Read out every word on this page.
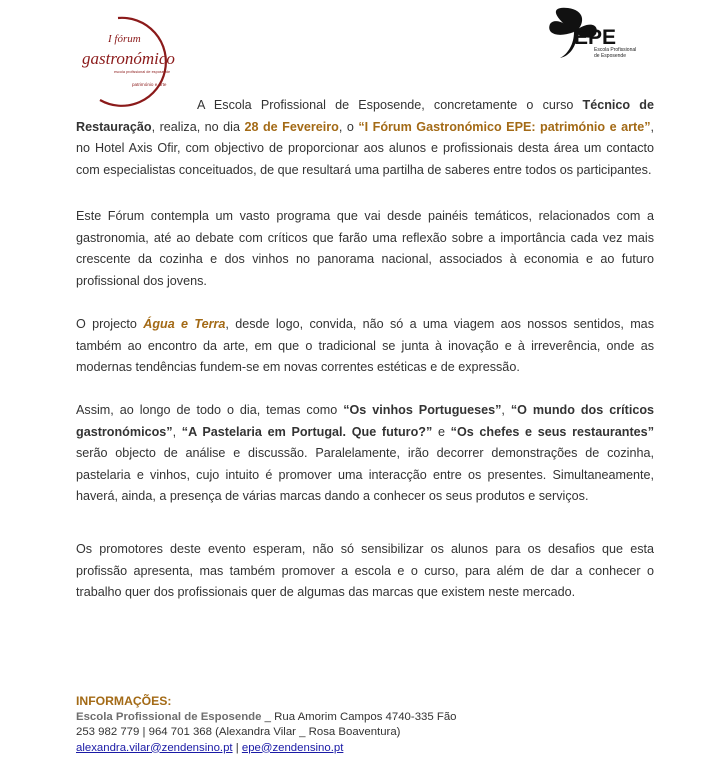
I fórum
gastronómico
escola profissional de esposende
património e arte
EPE
Escola Profissional
de Esposende

A Escola Profissional de Esposende, concretamente o curso Técnico de Restauração, realiza, no dia 28 de Fevereiro, o “I Fórum Gastronómico EPE: património e arte”, no Hotel Axis Ofir, com objectivo de proporcionar aos alunos e profissionais desta área um contacto com especialistas conceituados, de que resultará uma partilha de saberes entre todos os participantes.

Este Fórum contempla um vasto programa que vai desde painéis temáticos, relacionados com a gastronomia, até ao debate com críticos que farão uma reflexão sobre a importância cada vez mais crescente da cozinha e dos vinhos no panorama nacional, associados à economia e ao futuro profissional dos jovens.

O projecto Água e Terra, desde logo, convida, não só a uma viagem aos nossos sentidos, mas também ao encontro da arte, em que o tradicional se junta à inovação e à irreverência, onde as modernas tendências fundem-se em novas correntes estéticas e de expressão.

Assim, ao longo de todo o dia, temas como “Os vinhos Portugueses”, “O mundo dos críticos gastronómicos”, “A Pastelaria em Portugal. Que futuro?” e “Os chefes e seus restaurantes” serão objecto de análise e discussão. Paralelamente, irão decorrer demonstrações de cozinha, pastelaria e vinhos, cujo intuito é promover uma interacção entre os presentes. Simultaneamente, haverá, ainda, a presença de várias marcas dando a conhecer os seus produtos e serviços.

Os promotores deste evento esperam, não só sensibilizar os alunos para os desafios que esta profissão apresenta, mas também promover a escola e o curso, para além de dar a conhecer o trabalho quer dos profissionais quer de algumas das marcas que existem neste mercado.

INFORMAÇÕES:
Escola Profissional de Esposende _ Rua Amorim Campos 4740-335 Fão
253 982 779 | 964 701 368 (Alexandra Vilar _ Rosa Boaventura)
alexandra.vilar@zendensino.pt | epe@zendensino.pt
